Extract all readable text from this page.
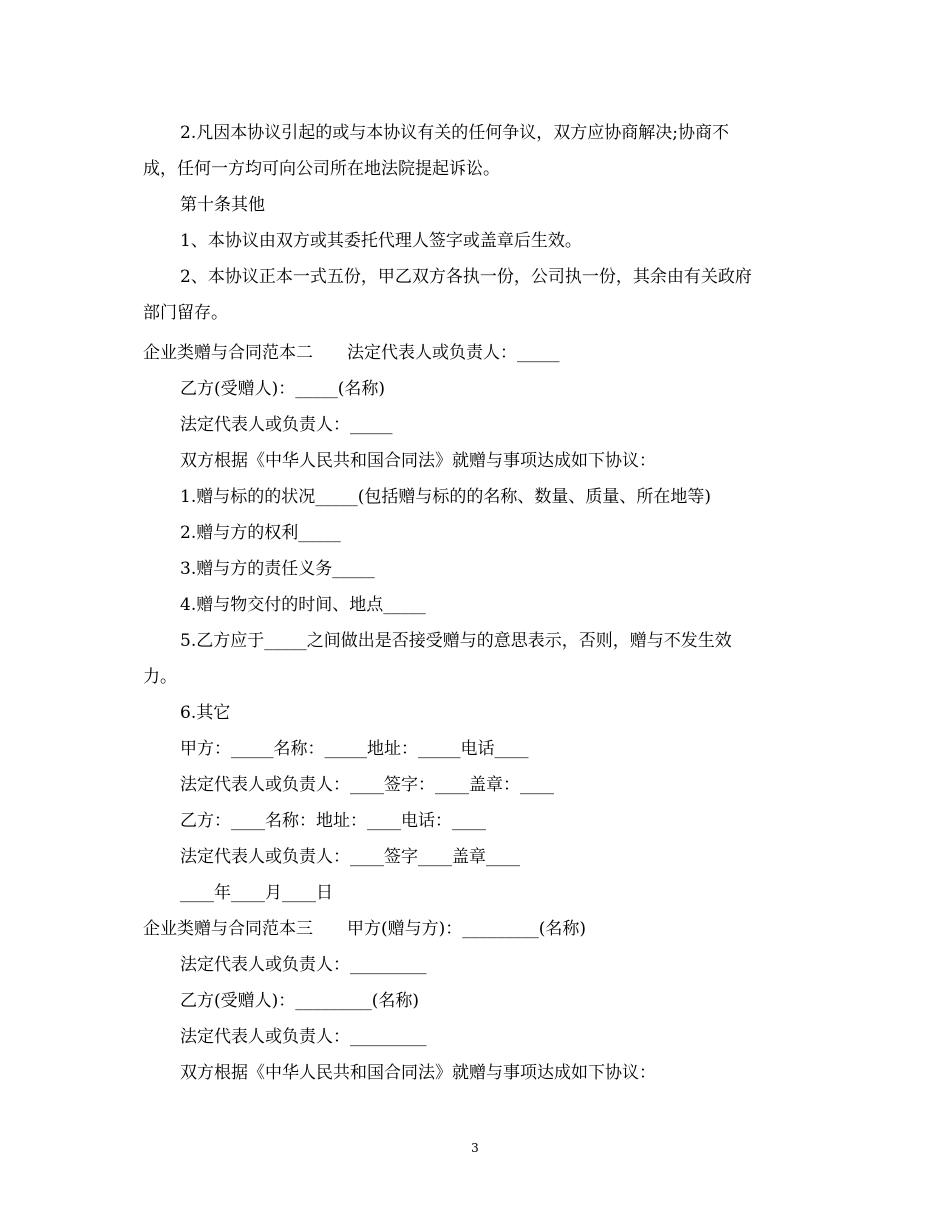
2.凡因本协议引起的或与本协议有关的任何争议，双方应协商解决;协商不
成，任何一方均可向公司所在地法院提起诉讼。
第十条其他
1、本协议由双方或其委托代理人签字或盖章后生效。
2、本协议正本一式五份，甲乙双方各执一份，公司执一份，其余由有关政府
部门留存。
企业类赠与合同范本二　　法定代表人或负责人：_____
乙方(受赠人)：_____(名称)
法定代表人或负责人：_____
双方根据《中华人民共和国合同法》就赠与事项达成如下协议：
1.赠与标的的状况_____(包括赠与标的的名称、数量、质量、所在地等)
2.赠与方的权利_____
3.赠与方的责任义务_____
4.赠与物交付的时间、地点_____
5.乙方应于_____之间做出是否接受赠与的意思表示，否则，赠与不发生效
力。
6.其它
甲方：_____名称：_____地址：_____电话____
法定代表人或负责人：____签字：____盖章：____
乙方：____名称：地址：____电话：____
法定代表人或负责人：____签字____盖章____
____年____月____日
企业类赠与合同范本三　　甲方(赠与方)：_________(名称)
法定代表人或负责人：_________
乙方(受赠人)：_________(名称)
法定代表人或负责人：_________
双方根据《中华人民共和国合同法》就赠与事项达成如下协议：
3
